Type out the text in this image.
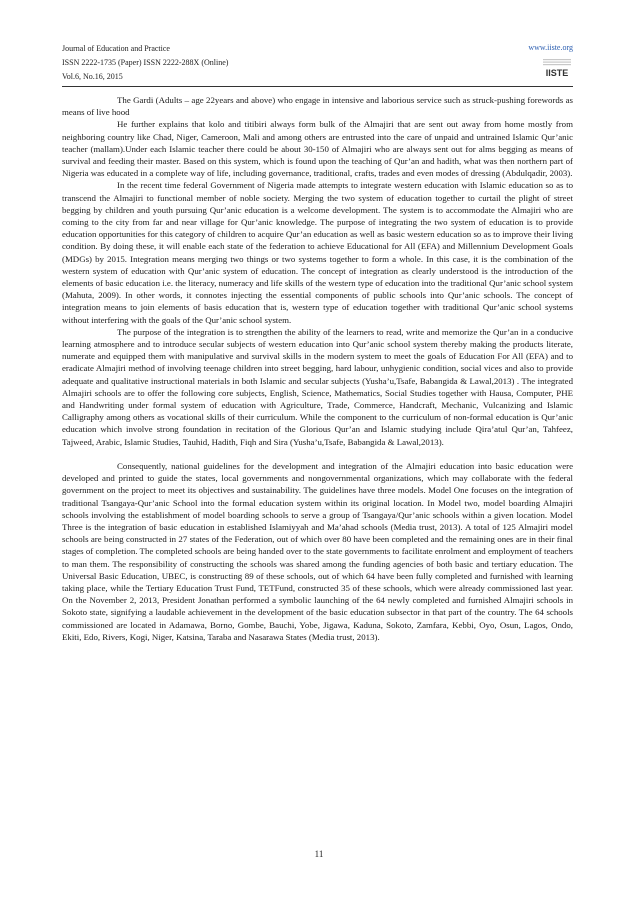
Journal of Education and Practice
ISSN 2222-1735 (Paper) ISSN 2222-288X (Online)
Vol.6, No.16, 2015
www.iiste.org
IISTE

The Gardi (Adults – age 22years and above) who engage in intensive and laborious service such as struck-pushing forewords as means of live hood

He further explains that kolo and titibiri always form bulk of the Almajiri that are sent out away from home mostly from neighboring country like Chad, Niger, Cameroon, Mali and among others are entrusted into the care of unpaid and untrained Islamic Qur’anic teacher (mallam).Under each Islamic teacher there could be about 30-150 of Almajiri who are always sent out for alms begging as means of survival and feeding their master. Based on this system, which is found upon the teaching of Qur’an and hadith, what was then northern part of Nigeria was educated in a complete way of life, including governance, traditional, crafts, trades and even modes of dressing (Abdulqadir, 2003).

In the recent time federal Government of Nigeria made attempts to integrate western education with Islamic education so as to transcend the Almajiri to functional member of noble society. Merging the two system of education together to curtail the plight of street begging by children and youth pursuing Qur’anic education is a welcome development. The system is to accommodate the Almajiri who are coming to the city from far and near village for Qur’anic knowledge. The purpose of integrating the two system of education is to provide education opportunities for this category of children to acquire Qur’an education as well as basic western education so as to improve their living condition. By doing these, it will enable each state of the federation to achieve Educational for All (EFA) and Millennium Development Goals (MDGs) by 2015. Integration means merging two things or two systems together to form a whole. In this case, it is the combination of the western system of education with Qur’anic system of education. The concept of integration as clearly understood is the introduction of the elements of basic education i.e. the literacy, numeracy and life skills of the western type of education into the traditional Qur’anic school system (Mahuta, 2009). In other words, it connotes injecting the essential components of public schools into Qur’anic schools. The concept of integration means to join elements of basis education that is, western type of education together with traditional Qur’anic school systems without interfering with the goals of the Qur’anic school system.

The purpose of the integration is to strengthen the ability of the learners to read, write and memorize the Qur’an in a conducive learning atmosphere and to introduce secular subjects of western education into Qur’anic school system thereby making the products literate, numerate and equipped them with manipulative and survival skills in the modern system to meet the goals of Education For All (EFA) and to eradicate Almajiri method of involving teenage children into street begging, hard labour, unhygienic condition, social vices and also to provide adequate and qualitative instructional materials in both Islamic and secular subjects (Yusha’u,Tsafe, Babangida & Lawal,2013) . The integrated Almajiri schools are to offer the following core subjects, English, Science, Mathematics, Social Studies together with Hausa, Computer, PHE and Handwriting under formal system of education with Agriculture, Trade, Commerce, Handcraft, Mechanic, Vulcanizing and Islamic Calligraphy among others as vocational skills of their curriculum. While the component to the curriculum of non-formal education is Qur’anic education which involve strong foundation in recitation of the Glorious Qur’an and Islamic studying include Qira’atul Qur’an, Tahfeez, Tajweed, Arabic, Islamic Studies, Tauhid, Hadith, Fiqh and Sira (Yusha’u,Tsafe, Babangida & Lawal,2013).

Consequently, national guidelines for the development and integration of the Almajiri education into basic education were developed and printed to guide the states, local governments and nongovernmental organizations, which may collaborate with the federal government on the project to meet its objectives and sustainability. The guidelines have three models. Model One focuses on the integration of traditional Tsangaya-Qur’anic School into the formal education system within its original location. In Model two, model boarding Almajiri schools involving the establishment of model boarding schools to serve a group of Tsangaya/Qur’anic schools within a given location. Model Three is the integration of basic education in established Islamiyyah and Ma’ahad schools (Media trust, 2013). A total of 125 Almajiri model schools are being constructed in 27 states of the Federation, out of which over 80 have been completed and the remaining ones are in their final stages of completion. The completed schools are being handed over to the state governments to facilitate enrolment and employment of teachers to man them. The responsibility of constructing the schools was shared among the funding agencies of both basic and tertiary education. The Universal Basic Education, UBEC, is constructing 89 of these schools, out of which 64 have been fully completed and furnished with learning taking place, while the Tertiary Education Trust Fund, TETFund, constructed 35 of these schools, which were already commissioned last year. On the November 2, 2013, President Jonathan performed a symbolic launching of the 64 newly completed and furnished Almajiri schools in Sokoto state, signifying a laudable achievement in the development of the basic education subsector in that part of the country. The 64 schools commissioned are located in Adamawa, Borno, Gombe, Bauchi, Yobe, Jigawa, Kaduna, Sokoto, Zamfara, Kebbi, Oyo, Osun, Lagos, Ondo, Ekiti, Edo, Rivers, Kogi, Niger, Katsina, Taraba and Nasarawa States (Media trust, 2013).

11
